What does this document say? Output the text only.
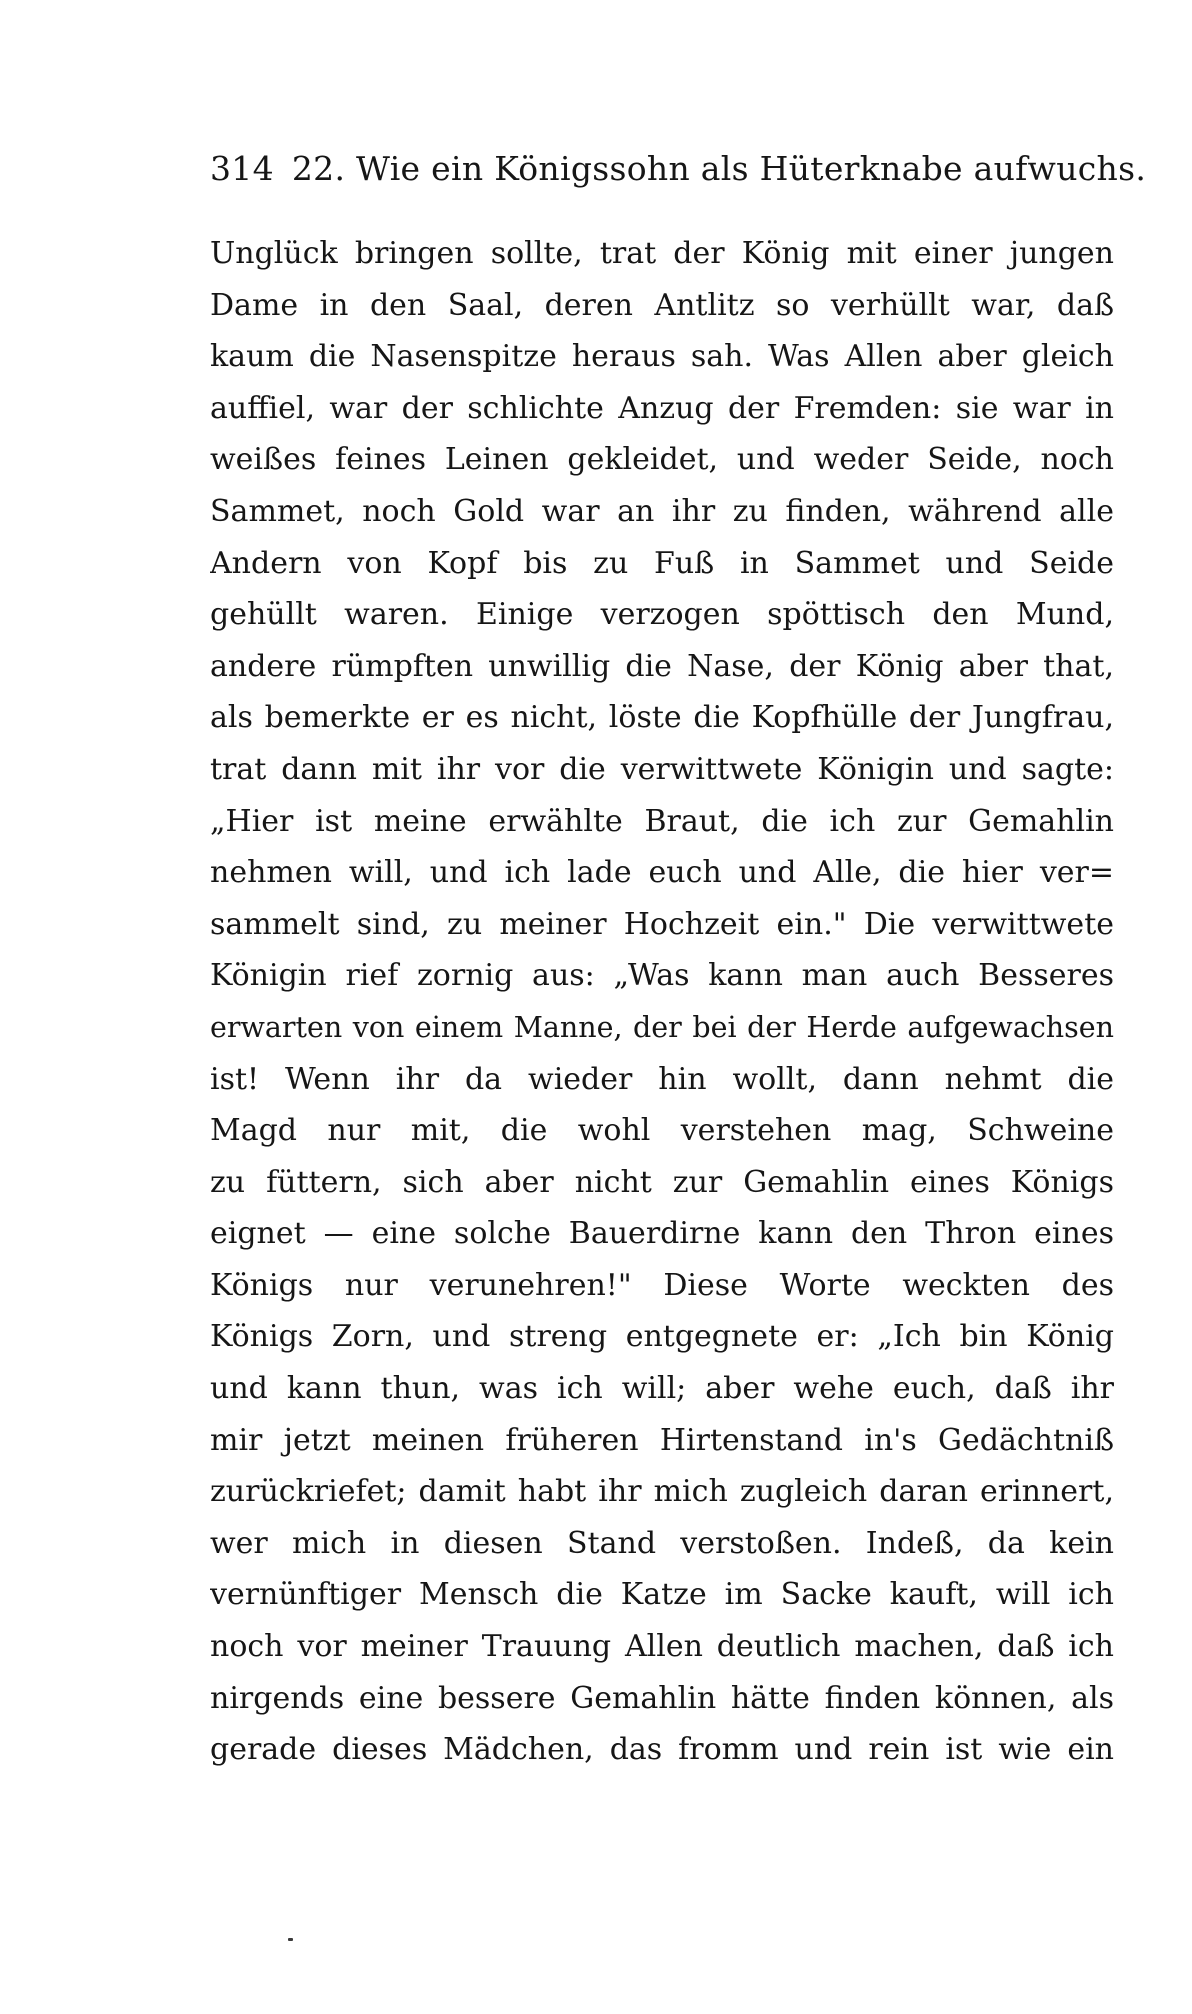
314 22. Wie ein Königssohn als Hüterknabe aufwuchs.
Unglück bringen sollte, trat der König mit einer jungen
Dame in den Saal, deren Antlitz so verhüllt war, daß
kaum die Nasenspitze heraus sah. Was Allen aber gleich
auffiel, war der schlichte Anzug der Fremden: sie war in
weißes feines Leinen gekleidet, und weder Seide, noch
Sammet, noch Gold war an ihr zu finden, während alle
Andern von Kopf bis zu Fuß in Sammet und Seide
gehüllt waren. Einige verzogen spöttisch den Mund,
andere rümpften unwillig die Nase, der König aber that,
als bemerkte er es nicht, löste die Kopfhülle der Jungfrau,
trat dann mit ihr vor die verwittwete Königin und sagte:
„Hier ist meine erwählte Braut, die ich zur Gemahlin
nehmen will, und ich lade euch und Alle, die hier ver=
sammelt sind, zu meiner Hochzeit ein." Die verwittwete
Königin rief zornig aus: „Was kann man auch Besseres
erwarten von einem Manne, der bei der Herde aufgewachsen
ist! Wenn ihr da wieder hin wollt, dann nehmt die
Magd nur mit, die wohl verstehen mag, Schweine
zu füttern, sich aber nicht zur Gemahlin eines Königs
eignet — eine solche Bauerdirne kann den Thron eines
Königs nur verunehren!" Diese Worte weckten des
Königs Zorn, und streng entgegnete er: „Ich bin König
und kann thun, was ich will; aber wehe euch, daß ihr
mir jetzt meinen früheren Hirtenstand in's Gedächtniß
zurückriefet; damit habt ihr mich zugleich daran erinnert,
wer mich in diesen Stand verstoßen. Indeß, da kein
vernünftiger Mensch die Katze im Sacke kauft, will ich
noch vor meiner Trauung Allen deutlich machen, daß ich
nirgends eine bessere Gemahlin hätte finden können, als
gerade dieses Mädchen, das fromm und rein ist wie ein
